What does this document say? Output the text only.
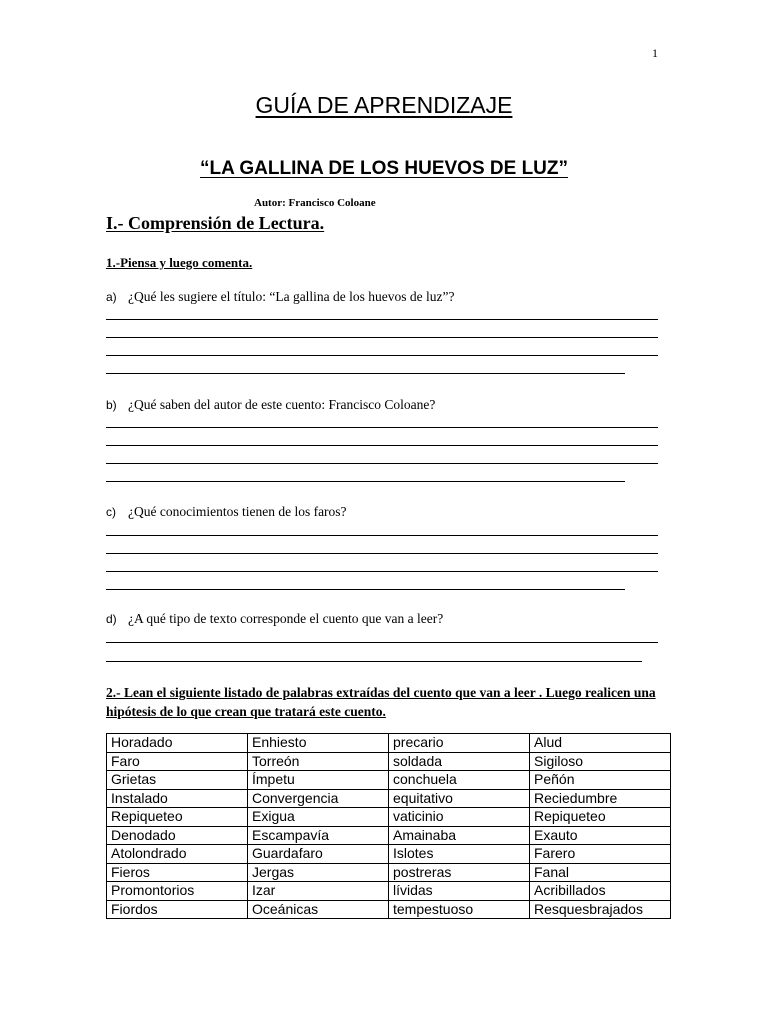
1
GUÍA DE APRENDIZAJE
“LA GALLINA DE LOS HUEVOS DE LUZ”
Autor: Francisco Coloane
I.- Comprensión de Lectura.
1.-Piensa y luego comenta.
a) ¿Qué les sugiere el título: “La gallina de los huevos de luz”?
b) ¿Qué saben del autor de este cuento: Francisco Coloane?
c) ¿Qué conocimientos tienen de los faros?
d) ¿A qué tipo de texto corresponde el cuento que van a leer?
2.- Lean el siguiente listado de palabras extraídas del cuento que van a leer . Luego realicen una hipótesis de lo que crean que tratará este cuento.
Horadado	Enhiesto	precario	Alud
Faro	Torreón	soldada	Sigiloso
Grietas	Ímpetu	conchuela	Peñón
Instalado	Convergencia	equitativo	Reciedumbre
Repiqueteo	Exigua	vaticinio	Repiqueteo
Denodado	Escampavía	Amainaba	Exauto
Atolondrado	Guardafaro	Islotes	Farero
Fieros	Jergas	postreras	Fanal
Promontorios	Izar	lívidas	Acribillados
Fiordos	Oceánicas	tempestuoso	Resquesbrajados
